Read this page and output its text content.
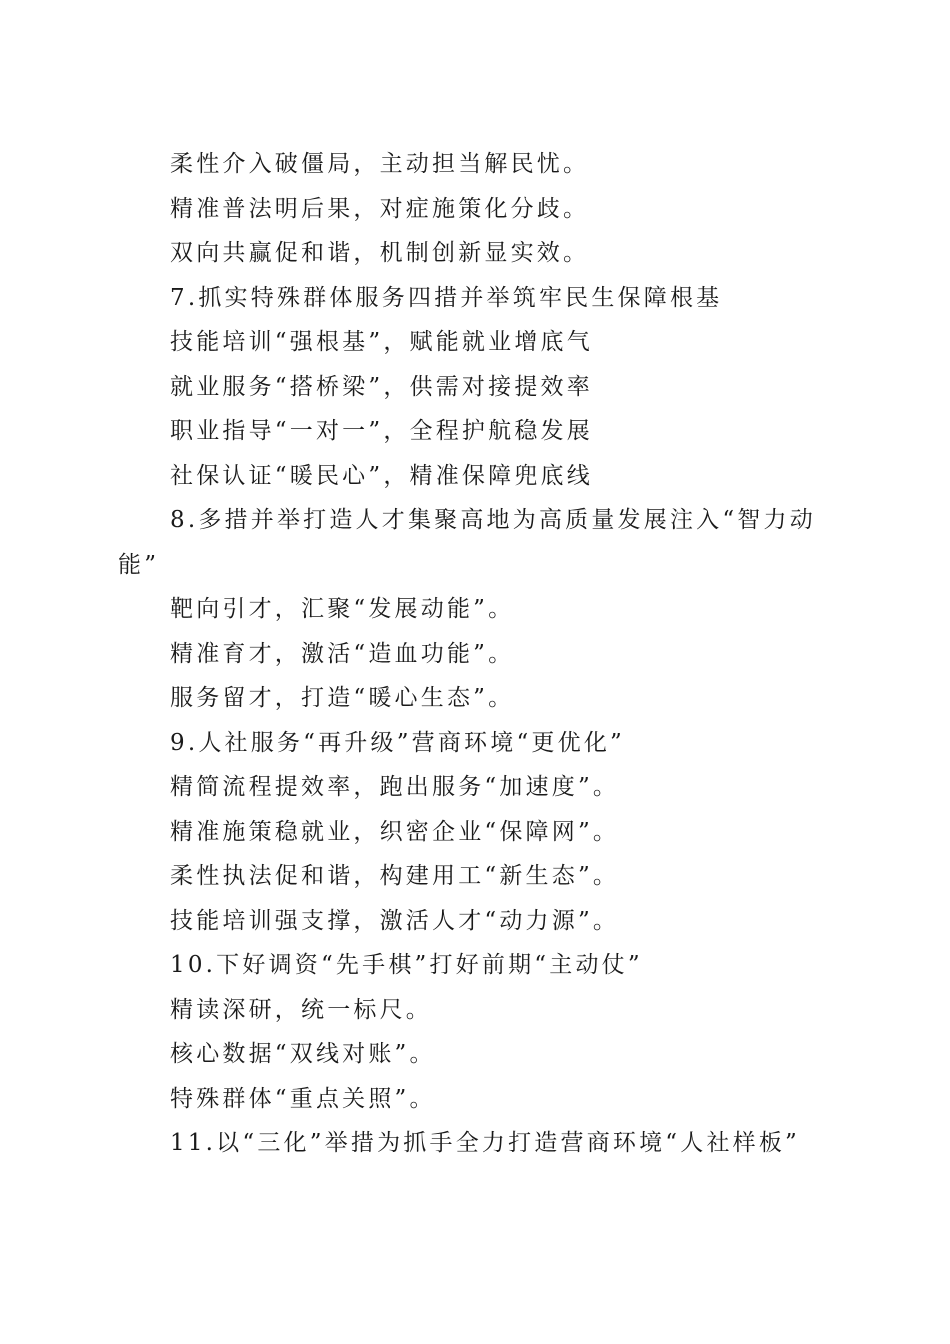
柔性介入破僵局，主动担当解民忧。
精准普法明后果，对症施策化分歧。
双向共赢促和谐，机制创新显实效。
7.抓实特殊群体服务四措并举筑牢民生保障根基
技能培训“强根基”，赋能就业增底气
就业服务“搭桥梁”，供需对接提效率
职业指导“一对一”，全程护航稳发展
社保认证“暖民心”，精准保障兜底线
8.多措并举打造人才集聚高地为高质量发展注入“智力动能”
靶向引才，汇聚“发展动能”。
精准育才，激活“造血功能”。
服务留才，打造“暖心生态”。
9.人社服务“再升级”营商环境“更优化”
精简流程提效率，跑出服务“加速度”。
精准施策稳就业，织密企业“保障网”。
柔性执法促和谐，构建用工“新生态”。
技能培训强支撑，激活人才“动力源”。
10.下好调资“先手棋”打好前期“主动仗”
精读深研，统一标尺。
核心数据“双线对账”。
特殊群体“重点关照”。
11.以“三化”举措为抓手全力打造营商环境“人社样板”
